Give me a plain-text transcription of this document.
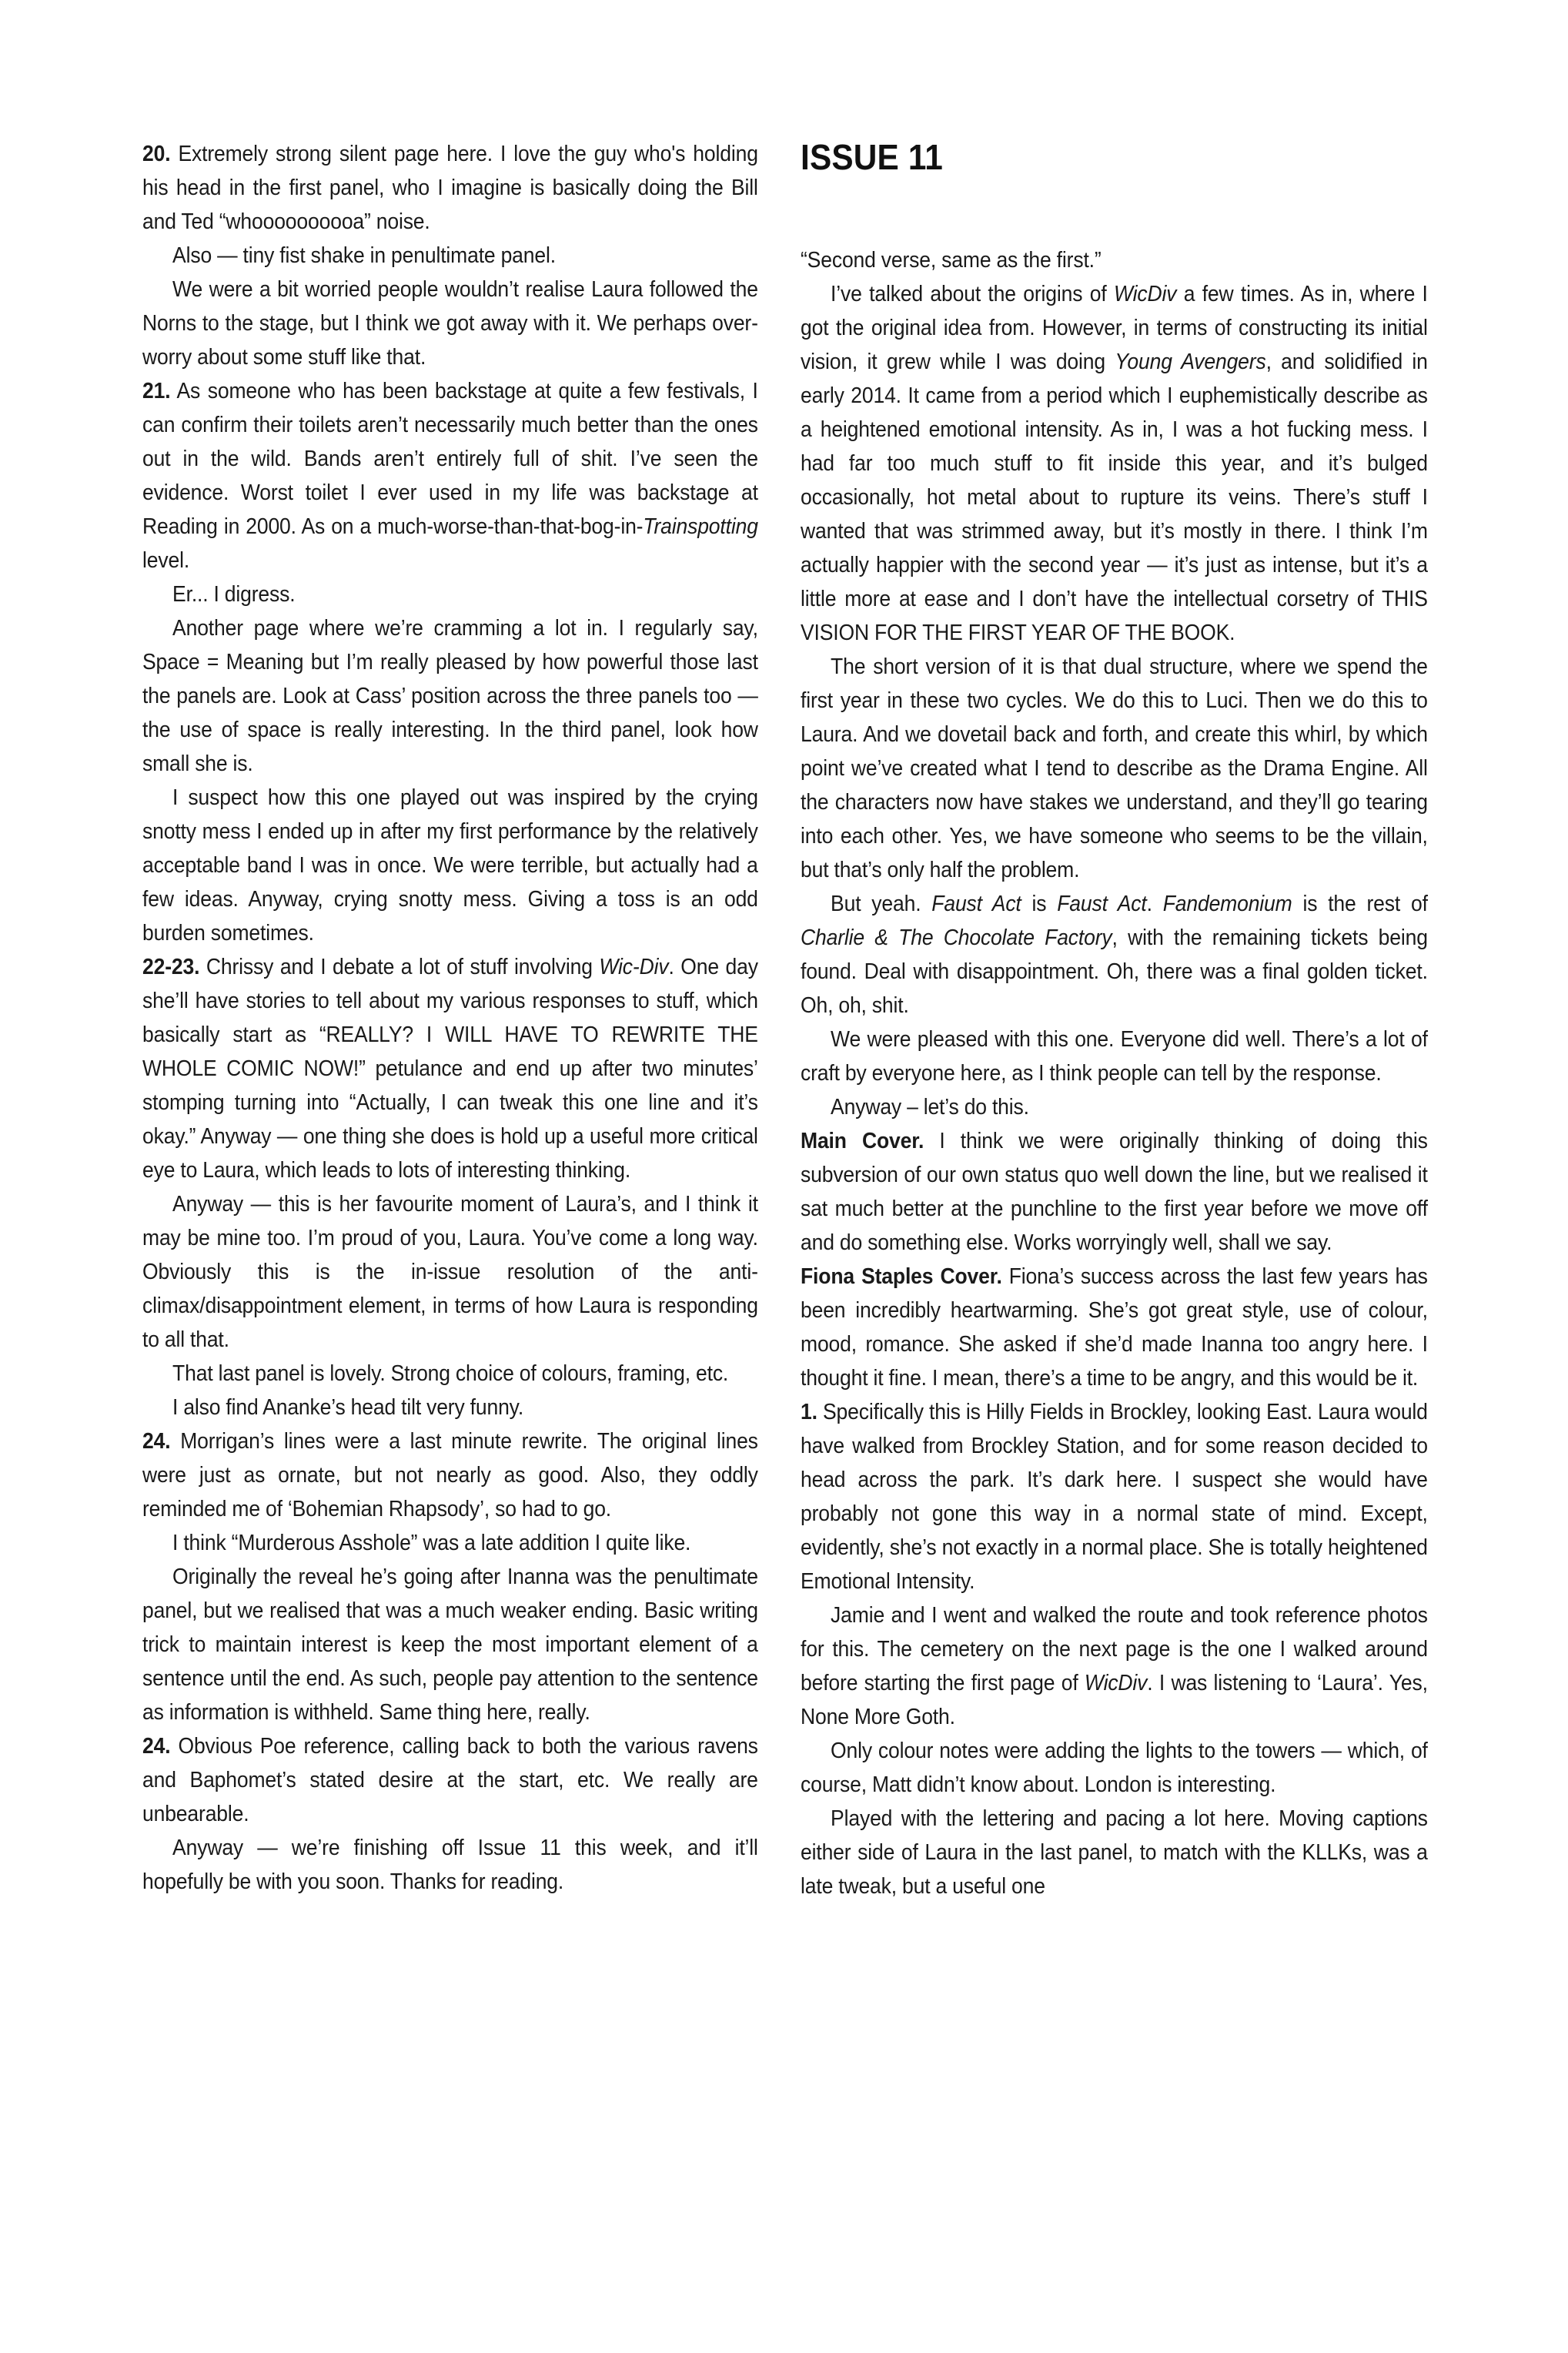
20. Extremely strong silent page here. I love the guy who's holding his head in the first panel, who I imagine is basically doing the Bill and Ted “whoooooooooa” noise.

Also — tiny fist shake in penultimate panel.

We were a bit worried people wouldn’t realise Laura followed the Norns to the stage, but I think we got away with it. We perhaps over-worry about some stuff like that.

21. As someone who has been backstage at quite a few festivals, I can confirm their toilets aren’t necessarily much better than the ones out in the wild. Bands aren’t entirely full of shit. I’ve seen the evidence. Worst toilet I ever used in my life was backstage at Reading in 2000. As on a much-worse-than-that-bog-in-Trainspotting level.

Er... I digress.

Another page where we’re cramming a lot in. I regularly say, Space = Meaning but I’m really pleased by how powerful those last the panels are. Look at Cass’ position across the three panels too — the use of space is really interesting. In the third panel, look how small she is.

I suspect how this one played out was inspired by the crying snotty mess I ended up in after my first performance by the relatively acceptable band I was in once. We were terrible, but actually had a few ideas. Anyway, crying snotty mess. Giving a toss is an odd burden sometimes.

22-23. Chrissy and I debate a lot of stuff involving Wic-Div. One day she’ll have stories to tell about my various responses to stuff, which basically start as “REALLY? I WILL HAVE TO REWRITE THE WHOLE COMIC NOW!” petulance and end up after two minutes’ stomping turning into “Actually, I can tweak this one line and it’s okay.” Anyway — one thing she does is hold up a useful more critical eye to Laura, which leads to lots of interesting thinking.

Anyway — this is her favourite moment of Laura’s, and I think it may be mine too. I’m proud of you, Laura. You’ve come a long way. Obviously this is the in-issue resolution of the anti-climax/disappointment element, in terms of how Laura is responding to all that.

That last panel is lovely. Strong choice of colours, framing, etc.

I also find Ananke’s head tilt very funny.

24. Morrigan’s lines were a last minute rewrite. The original lines were just as ornate, but not nearly as good. Also, they oddly reminded me of ‘Bohemian Rhapsody’, so had to go.

I think “Murderous Asshole” was a late addition I quite like.

Originally the reveal he’s going after Inanna was the penultimate panel, but we realised that was a much weaker ending. Basic writing trick to maintain interest is keep the most important element of a sentence until the end. As such, people pay attention to the sentence as information is withheld. Same thing here, really.

24. Obvious Poe reference, calling back to both the various ravens and Baphomet’s stated desire at the start, etc. We really are unbearable.

Anyway — we’re finishing off Issue 11 this week, and it’ll hopefully be with you soon. Thanks for reading.

ISSUE 11

“Second verse, same as the first.”

I’ve talked about the origins of WicDiv a few times. As in, where I got the original idea from. However, in terms of constructing its initial vision, it grew while I was doing Young Avengers, and solidified in early 2014. It came from a period which I euphemistically describe as a heightened emotional intensity. As in, I was a hot fucking mess. I had far too much stuff to fit inside this year, and it’s bulged occasionally, hot metal about to rupture its veins. There’s stuff I wanted that was strimmed away, but it’s mostly in there. I think I’m actually happier with the second year — it’s just as intense, but it’s a little more at ease and I don’t have the intellectual corsetry of THIS VISION FOR THE FIRST YEAR OF THE BOOK.

The short version of it is that dual structure, where we spend the first year in these two cycles. We do this to Luci. Then we do this to Laura. And we dovetail back and forth, and create this whirl, by which point we’ve created what I tend to describe as the Drama Engine. All the characters now have stakes we understand, and they’ll go tearing into each other. Yes, we have someone who seems to be the villain, but that’s only half the problem.

But yeah. Faust Act is Faust Act. Fandemonium is the rest of Charlie & The Chocolate Factory, with the remaining tickets being found. Deal with disappointment. Oh, there was a final golden ticket. Oh, oh, shit.

We were pleased with this one. Everyone did well. There’s a lot of craft by everyone here, as I think people can tell by the response.

Anyway – let’s do this.

Main Cover. I think we were originally thinking of doing this subversion of our own status quo well down the line, but we realised it sat much better at the punchline to the first year before we move off and do something else. Works worryingly well, shall we say.

Fiona Staples Cover. Fiona’s success across the last few years has been incredibly heartwarming. She’s got great style, use of colour, mood, romance. She asked if she’d made Inanna too angry here. I thought it fine. I mean, there’s a time to be angry, and this would be it.

1. Specifically this is Hilly Fields in Brockley, looking East. Laura would have walked from Brockley Station, and for some reason decided to head across the park. It’s dark here. I suspect she would have probably not gone this way in a normal state of mind. Except, evidently, she’s not exactly in a normal place. She is totally heightened Emotional Intensity.

Jamie and I went and walked the route and took reference photos for this. The cemetery on the next page is the one I walked around before starting the first page of WicDiv. I was listening to ‘Laura’. Yes, None More Goth.

Only colour notes were adding the lights to the towers — which, of course, Matt didn’t know about. London is interesting.

Played with the lettering and pacing a lot here. Moving captions either side of Laura in the last panel, to match with the KLLKs, was a late tweak, but a useful one
